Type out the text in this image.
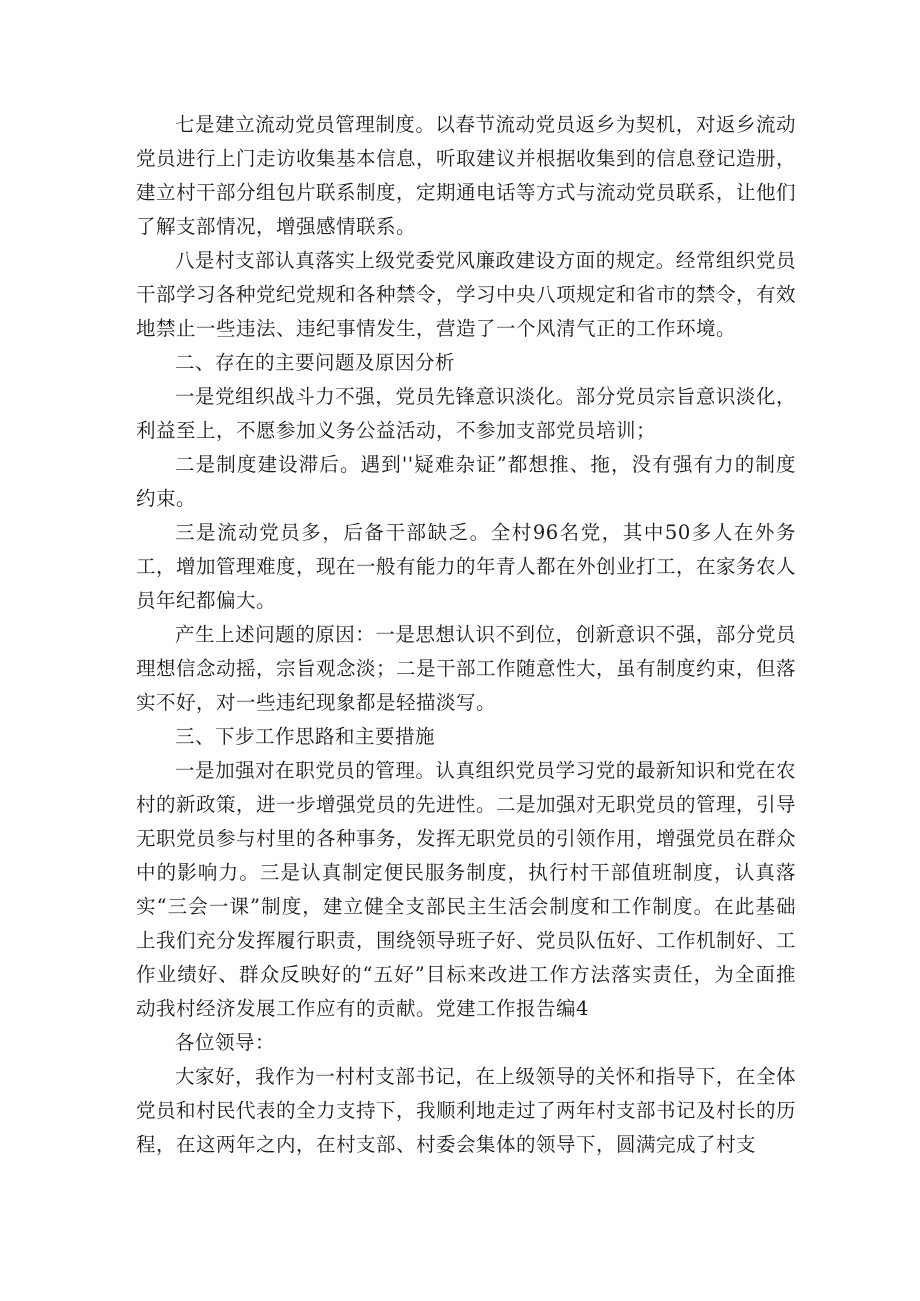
七是建立流动党员管理制度。以春节流动党员返乡为契机，对返乡流动党员进行上门走访收集基本信息，听取建议并根据收集到的信息登记造册，建立村干部分组包片联系制度，定期通电话等方式与流动党员联系，让他们了解支部情况，增强感情联系。

八是村支部认真落实上级党委党风廉政建设方面的规定。经常组织党员干部学习各种党纪党规和各种禁令，学习中央八项规定和省市的禁令，有效地禁止一些违法、违纪事情发生，营造了一个风清气正的工作环境。

二、存在的主要问题及原因分析

一是党组织战斗力不强，党员先锋意识淡化。部分党员宗旨意识淡化，利益至上，不愿参加义务公益活动，不参加支部党员培训；

二是制度建设滞后。遇到''疑难杂证”都想推、拖，没有强有力的制度约束。

三是流动党员多，后备干部缺乏。全村96名党，其中50多人在外务工，增加管理难度，现在一般有能力的年青人都在外创业打工，在家务农人员年纪都偏大。

产生上述问题的原因：一是思想认识不到位，创新意识不强，部分党员理想信念动摇，宗旨观念淡；二是干部工作随意性大，虽有制度约束，但落实不好，对一些违纪现象都是轻描淡写。

三、下步工作思路和主要措施

一是加强对在职党员的管理。认真组织党员学习党的最新知识和党在农村的新政策，进一步增强党员的先进性。二是加强对无职党员的管理，引导无职党员参与村里的各种事务，发挥无职党员的引领作用，增强党员在群众中的影响力。三是认真制定便民服务制度，执行村干部值班制度，认真落实“三会一课”制度，建立健全支部民主生活会制度和工作制度。在此基础上我们充分发挥履行职责，围绕领导班子好、党员队伍好、工作机制好、工作业绩好、群众反映好的“五好”目标来改进工作方法落实责任，为全面推动我村经济发展工作应有的贡献。党建工作报告编4

各位领导：

大家好，我作为一村村支部书记，在上级领导的关怀和指导下，在全体党员和村民代表的全力支持下，我顺利地走过了两年村支部书记及村长的历程，在这两年之内，在村支部、村委会集体的领导下，圆满完成了村支
